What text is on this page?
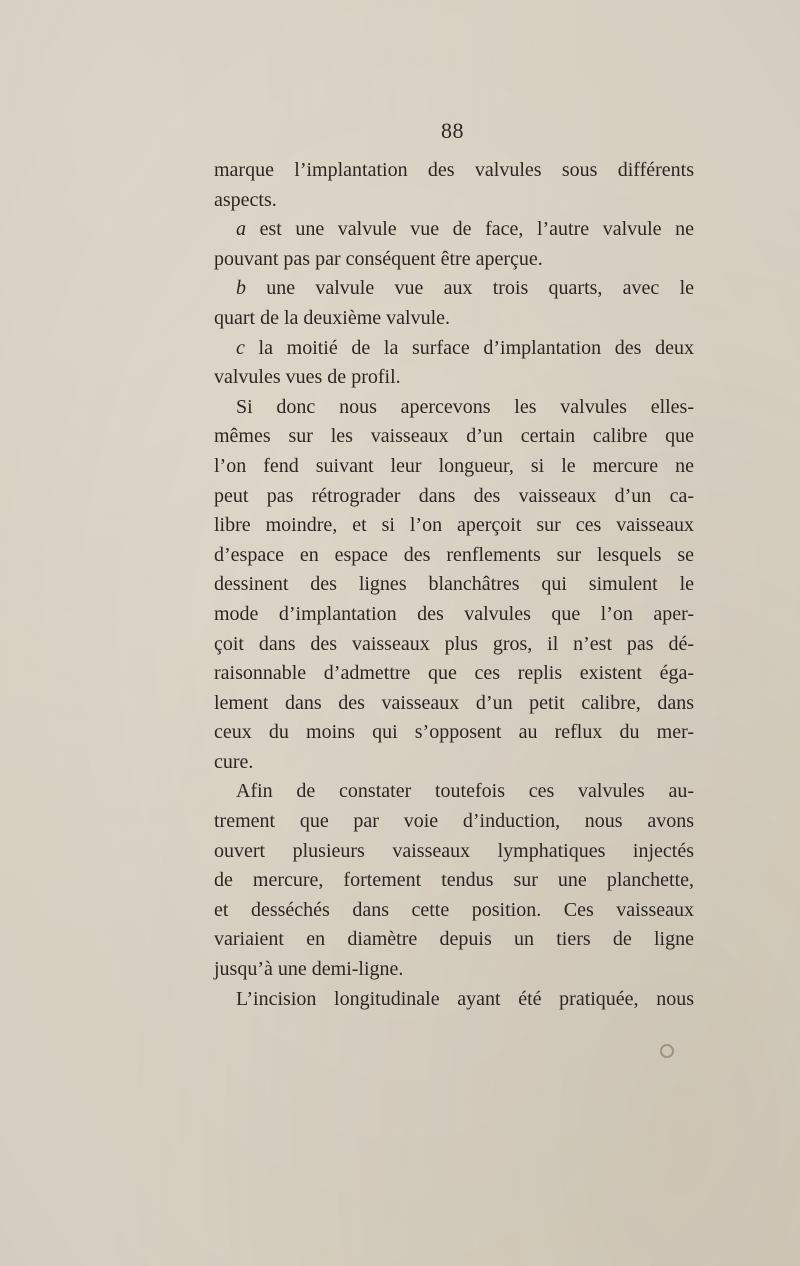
88
marque l’implantation des valvules sous différents
aspects.
a est une valvule vue de face, l’autre valvule ne
pouvant pas par conséquent être aperçue.
b une valvule vue aux trois quarts, avec le
quart de la deuxième valvule.
c la moitié de la surface d’implantation des deux
valvules vues de profil.
Si donc nous apercevons les valvules elles-
mêmes sur les vaisseaux d’un certain calibre que
l’on fend suivant leur longueur, si le mercure ne
peut pas rétrograder dans des vaisseaux d’un ca-
libre moindre, et si l’on aperçoit sur ces vaisseaux
d’espace en espace des renflements sur lesquels se
dessinent des lignes blanchâtres qui simulent le
mode d’implantation des valvules que l’on aper-
çoit dans des vaisseaux plus gros, il n’est pas dé-
raisonnable d’admettre que ces replis existent éga-
lement dans des vaisseaux d’un petit calibre, dans
ceux du moins qui s’opposent au reflux du mer-
cure.
Afin de constater toutefois ces valvules au-
trement que par voie d’induction, nous avons
ouvert plusieurs vaisseaux lymphatiques injectés
de mercure, fortement tendus sur une planchette,
et desséchés dans cette position. Ces vaisseaux
variaient en diamètre depuis un tiers de ligne
jusqu’à une demi-ligne.
L’incision longitudinale ayant été pratiquée, nous
